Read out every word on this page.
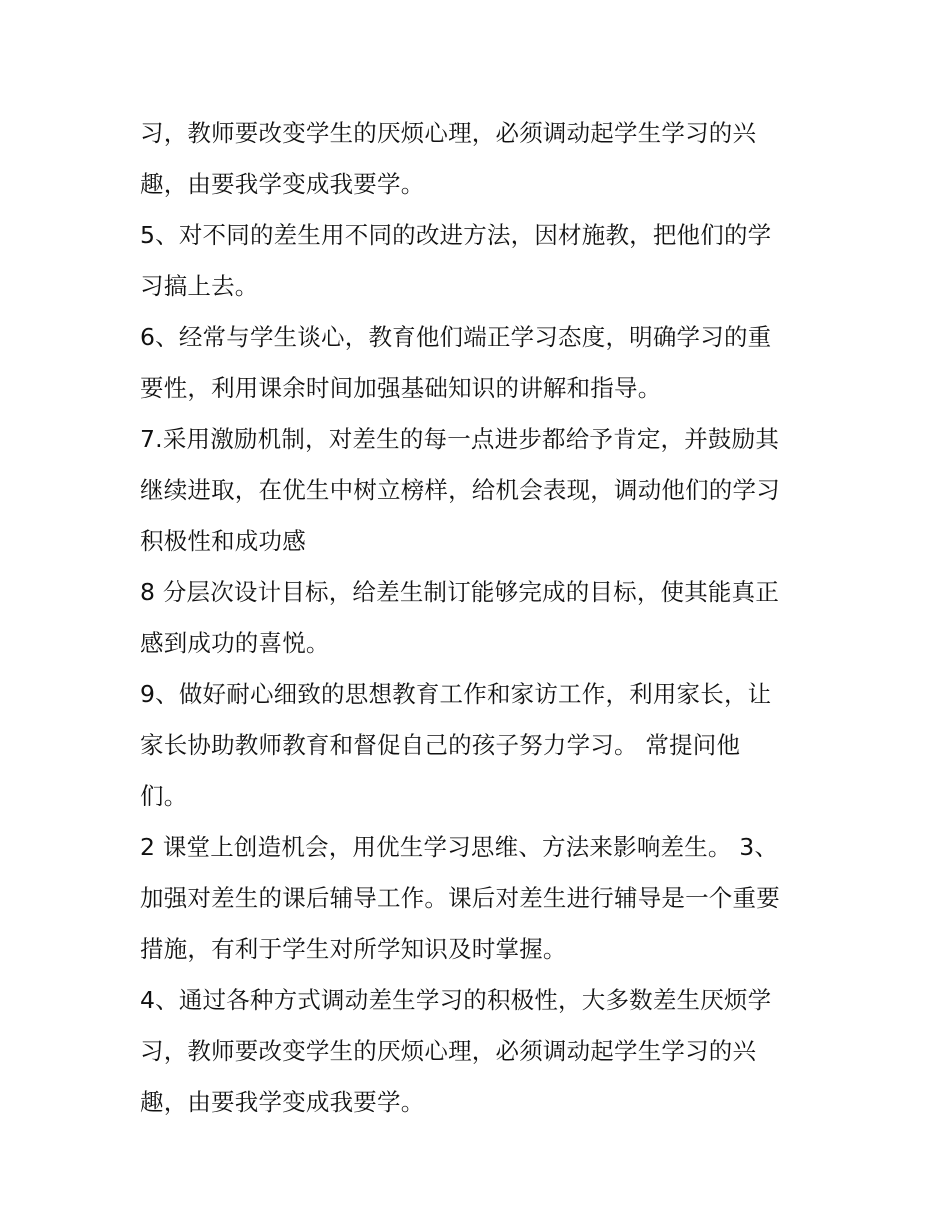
习，教师要改变学生的厌烦心理，必须调动起学生学习的兴
趣，由要我学变成我要学。
5、对不同的差生用不同的改进方法，因材施教，把他们的学
习搞上去。
6、经常与学生谈心，教育他们端正学习态度，明确学习的重
要性，利用课余时间加强基础知识的讲解和指导。
7.采用激励机制，对差生的每一点进步都给予肯定，并鼓励其
继续进取，在优生中树立榜样，给机会表现，调动他们的学习
积极性和成功感
8 分层次设计目标，给差生制订能够完成的目标，使其能真正
感到成功的喜悦。
9、做好耐心细致的思想教育工作和家访工作，利用家长，让
家长协助教师教育和督促自己的孩子努力学习。 常提问他
们。
2 课堂上创造机会，用优生学习思维、方法来影响差生。 3、
加强对差生的课后辅导工作。课后对差生进行辅导是一个重要
措施，有利于学生对所学知识及时掌握。
4、通过各种方式调动差生学习的积极性，大多数差生厌烦学
习，教师要改变学生的厌烦心理，必须调动起学生学习的兴
趣，由要我学变成我要学。
